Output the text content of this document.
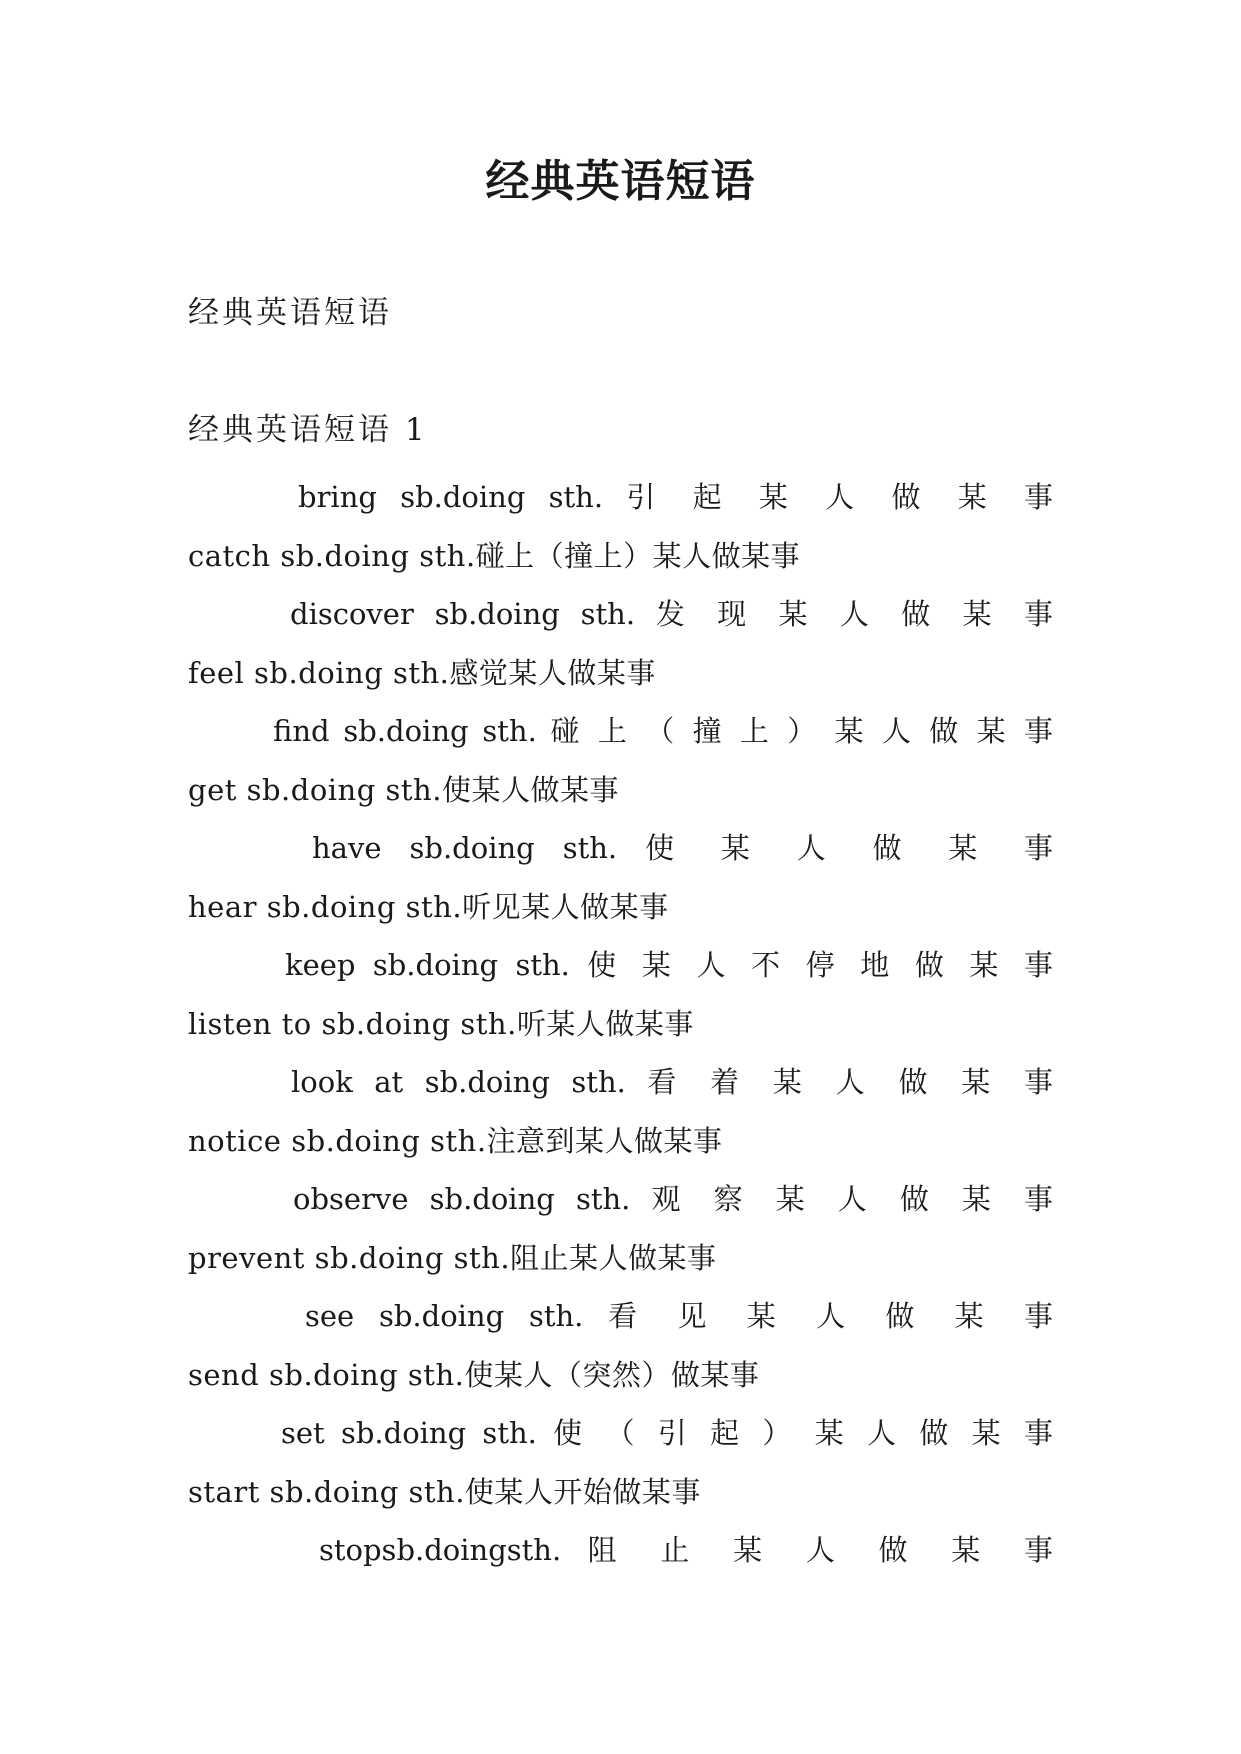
经典英语短语

经典英语短语

经典英语短语 1

bring sb.doing sth. 引 起 某 人 做 某 事
catch sb.doing sth.碰上（撞上）某人做某事
discover sb.doing sth. 发 现 某 人 做 某 事
feel sb.doing sth.感觉某人做某事
find sb.doing sth. 碰 上 （ 撞 上 ） 某 人 做 某 事
get sb.doing sth.使某人做某事
have sb.doing sth. 使 某 人 做 某 事
hear sb.doing sth.听见某人做某事
keep sb.doing sth. 使 某 人 不 停 地 做 某 事
listen to sb.doing sth.听某人做某事
look at sb.doing sth. 看 着 某 人 做 某 事
notice sb.doing sth.注意到某人做某事
observe sb.doing sth. 观 察 某 人 做 某 事
prevent sb.doing sth.阻止某人做某事
see sb.doing sth. 看 见 某 人 做 某 事
send sb.doing sth.使某人（突然）做某事
set sb.doing sth. 使 （ 引 起 ） 某 人 做 某 事
start sb.doing sth.使某人开始做某事
stopsb.doingsth. 阻 止 某 人 做 某 事
